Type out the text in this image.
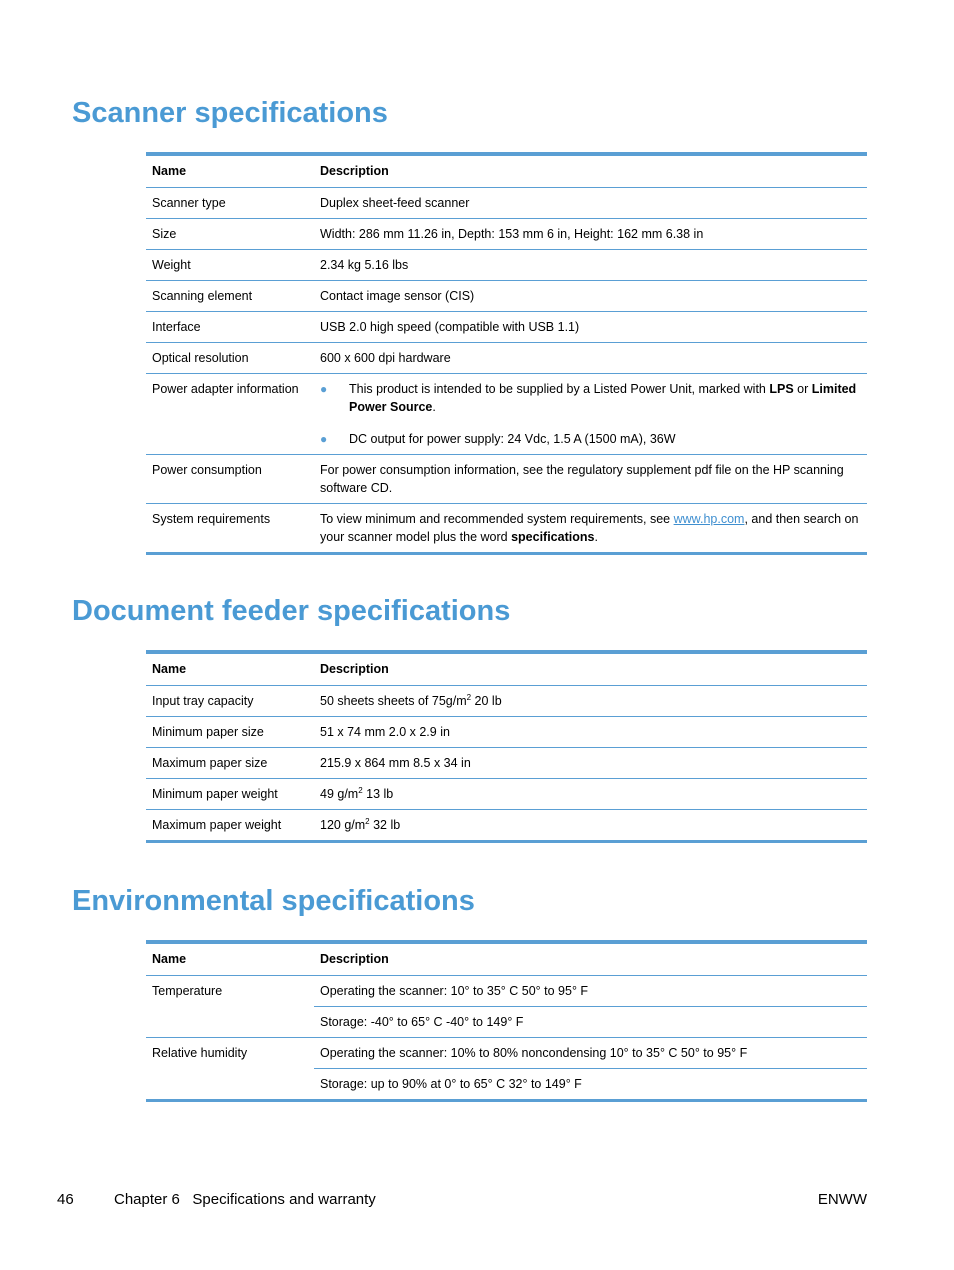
Scanner specifications
Name	Description
Scanner type	Duplex sheet-feed scanner
Size	Width: 286 mm 11.26 in, Depth: 153 mm 6 in, Height: 162 mm 6.38 in
Weight	2.34 kg 5.16 lbs
Scanning element	Contact image sensor (CIS)
Interface	USB 2.0 high speed (compatible with USB 1.1)
Optical resolution	600 x 600 dpi hardware
Power adapter information	● This product is intended to be supplied by a Listed Power Unit, marked with LPS or Limited Power Source.
● DC output for power supply: 24 Vdc, 1.5 A (1500 mA), 36W

Power consumption	For power consumption information, see the regulatory supplement pdf file on the HP scanning software CD.
System requirements	To view minimum and recommended system requirements, see www.hp.com, and then search on your scanner model plus the word specifications.
Document feeder specifications
Name	Description
Input tray capacity	50 sheets sheets of $75g/m^2$ 20 lb
Minimum paper size	51 x 74 mm 2.0 x 2.9 in
Maximum paper size	215.9 x 864 mm 8.5 x 34 in
Minimum paper weight	49 $g/m^2$ 13 lb
Maximum paper weight	120 $g/m^2$ 32 lb
Environmental specifications
Name	Description
Temperature	Operating the scanner: 10° to 35° C 50° to 95° F
	Storage: -40° to 65° C -40° to 149° F
Relative humidity	Operating the scanner: 10% to 80% noncondensing 10° to 35° C 50° to 95° F
	Storage: up to 90% at 0° to 65° C 32° to 149° F
46	Chapter 6   Specifications and warranty	ENWW
